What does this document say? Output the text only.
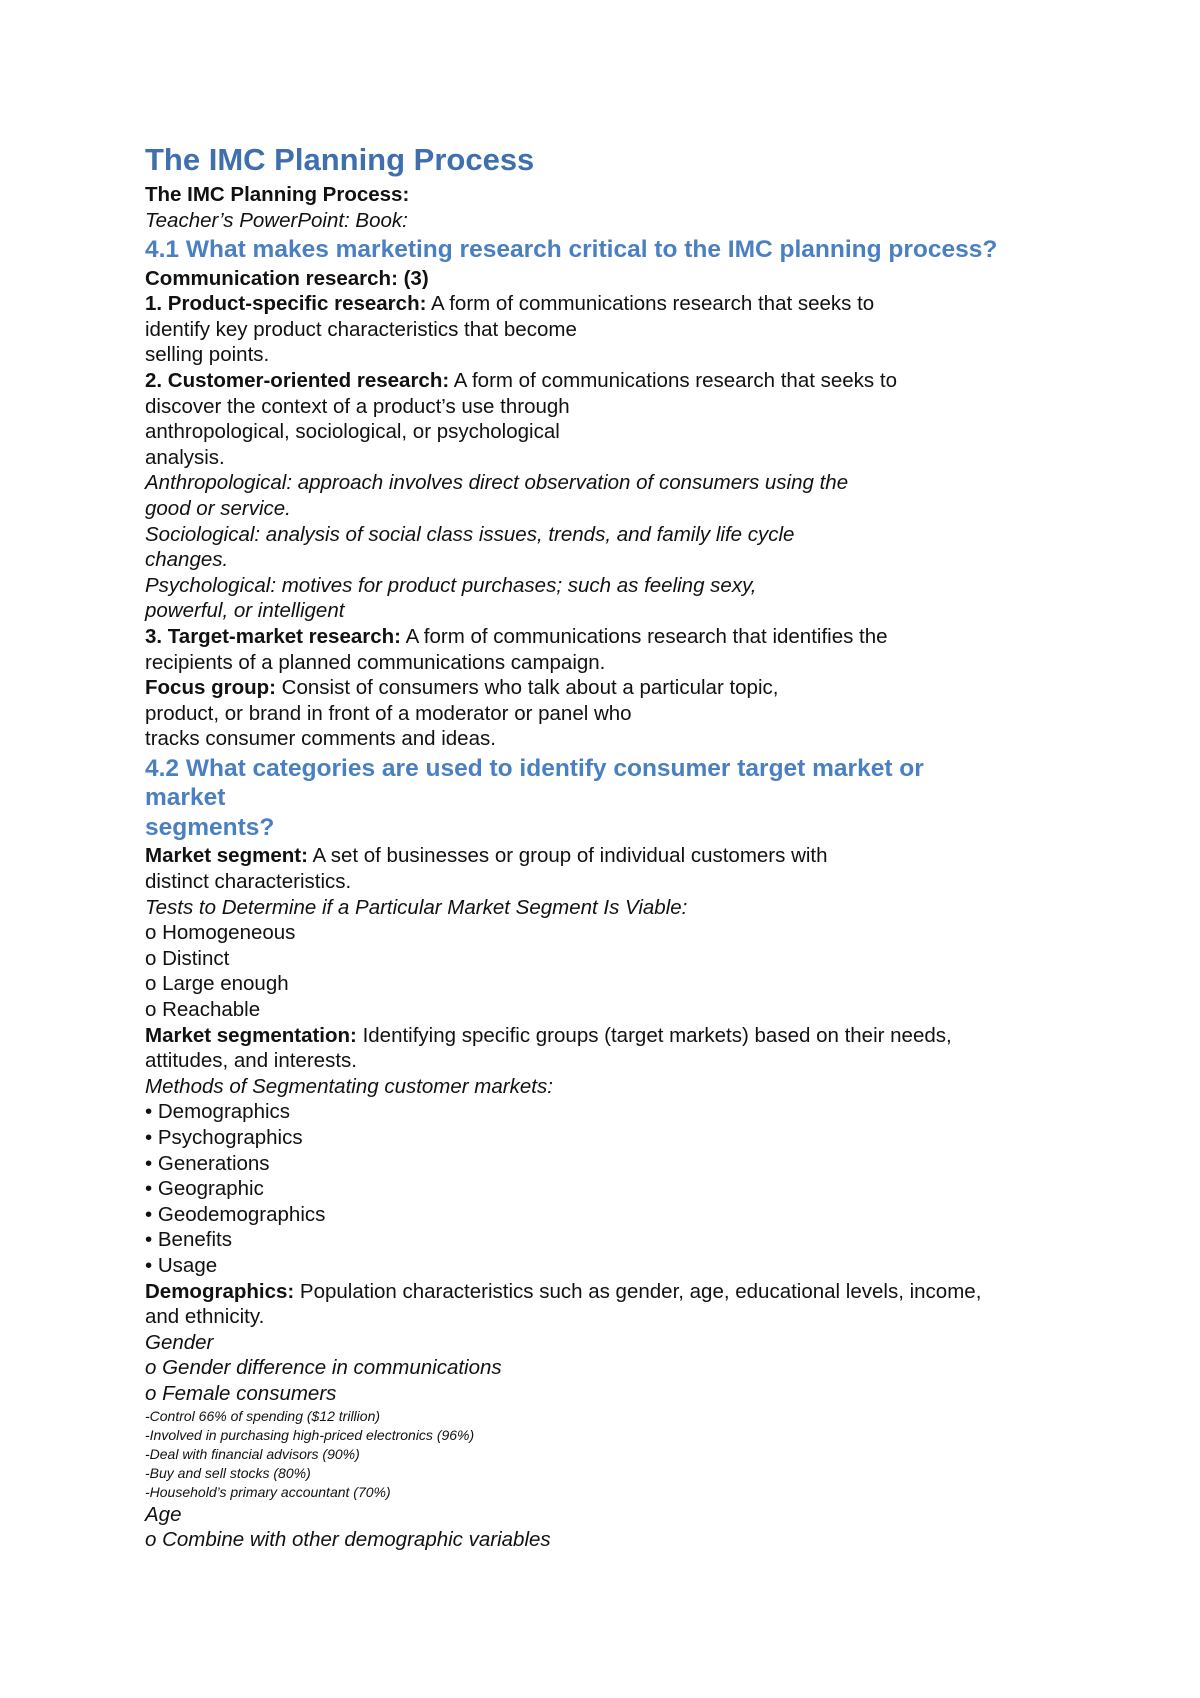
The IMC Planning Process
The IMC Planning Process:
Teacher’s PowerPoint: Book:
4.1 What makes marketing research critical to the IMC planning process?
Communication research: (3)
1. Product-specific research: A form of communications research that seeks to
identify key product characteristics that become
selling points.
2. Customer-oriented research: A form of communications research that seeks to
discover the context of a product’s use through
anthropological, sociological, or psychological
analysis.
Anthropological: approach involves direct observation of consumers using the
good or service.
Sociological: analysis of social class issues, trends, and family life cycle
changes.
Psychological: motives for product purchases; such as feeling sexy,
powerful, or intelligent
3. Target-market research: A form of communications research that identifies the
recipients of a planned communications campaign.
Focus group: Consist of consumers who talk about a particular topic,
product, or brand in front of a moderator or panel who
tracks consumer comments and ideas.
4.2 What categories are used to identify consumer target market or
market
segments?
Market segment: A set of businesses or group of individual customers with
distinct characteristics.
Tests to Determine if a Particular Market Segment Is Viable:
o Homogeneous
o Distinct
o Large enough
o Reachable
Market segmentation: Identifying specific groups (target markets) based on their needs,
attitudes, and interests.
Methods of Segmentating customer markets:
• Demographics
• Psychographics
• Generations
• Geographic
• Geodemographics
• Benefits
• Usage
Demographics: Population characteristics such as gender, age, educational levels, income,
and ethnicity.
Gender
o Gender difference in communications
o Female consumers
-Control 66% of spending ($12 trillion)
-Involved in purchasing high-priced electronics (96%)
-Deal with financial advisors (90%)
-Buy and sell stocks (80%)
-Household’s primary accountant (70%)
Age
o Combine with other demographic variables
